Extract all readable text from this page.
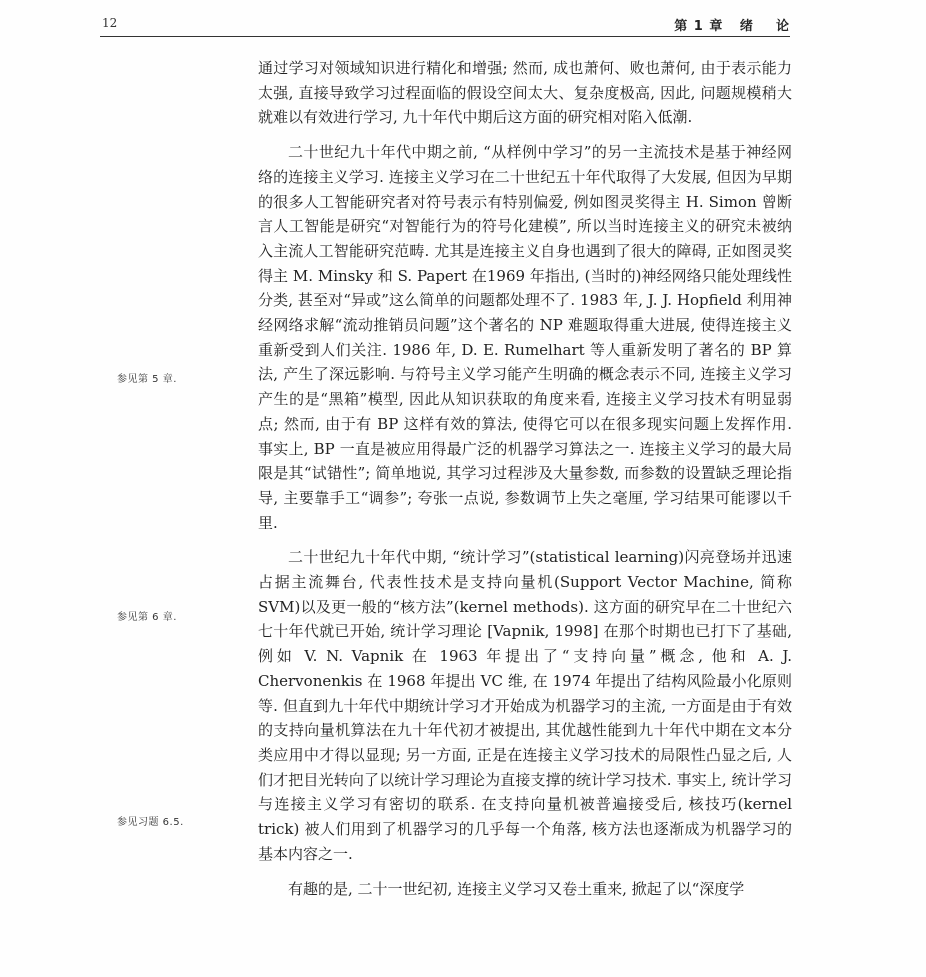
12	第 1 章   绪    论

通过学习对领域知识进行精化和增强; 然而, 成也萧何、败也萧何, 由于表示能力太强, 直接导致学习过程面临的假设空间太大、复杂度极高, 因此, 问题规模稍大就难以有效进行学习, 九十年代中期后这方面的研究相对陷入低潮.

二十世纪九十年代中期之前, “从样例中学习”的另一主流技术是基于神经网络的连接主义学习. 连接主义学习在二十世纪五十年代取得了大发展, 但因为早期的很多人工智能研究者对符号表示有特别偏爱, 例如图灵奖得主 H. Simon 曾断言人工智能是研究“对智能行为的符号化建模”, 所以当时连接主义的研究未被纳入主流人工智能研究范畴. 尤其是连接主义自身也遇到了很大的障碍, 正如图灵奖得主 M. Minsky 和 S. Papert 在1969 年指出, (当时的)神经网络只能处理线性分类, 甚至对“异或”这么简单的问题都处理不了. 1983 年, J. J. Hopfield 利用神经网络求解“流动推销员问题”这个著名的 NP 难题取得重大进展, 使得连接主义重新受到人们关注. 1986 年, D. E. Rumelhart 等人重新发明了著名的 BP 算法, 产生了深远影响. 与符号主义学习能产生明确的概念表示不同, 连接主义学习产生的是“黑箱”模型, 因此从知识获取的角度来看, 连接主义学习技术有明显弱点; 然而, 由于有 BP 这样有效的算法, 使得它可以在很多现实问题上发挥作用. 事实上, BP 一直是被应用得最广泛的机器学习算法之一. 连接主义学习的最大局限是其“试错性”; 简单地说, 其学习过程涉及大量参数, 而参数的设置缺乏理论指导, 主要靠手工“调参”; 夸张一点说, 参数调节上失之毫厘, 学习结果可能谬以千里.

二十世纪九十年代中期, “统计学习”(statistical learning)闪亮登场并迅速占据主流舞台, 代表性技术是支持向量机(Support Vector Machine, 简称 SVM)以及更一般的“核方法”(kernel methods). 这方面的研究早在二十世纪六七十年代就已开始, 统计学习理论 [Vapnik, 1998] 在那个时期也已打下了基础, 例如 V. N. Vapnik 在 1963 年提出了“支持向量”概念, 他和 A. J. Chervonenkis 在 1968 年提出 VC 维, 在 1974 年提出了结构风险最小化原则等. 但直到九十年代中期统计学习才开始成为机器学习的主流, 一方面是由于有效的支持向量机算法在九十年代初才被提出, 其优越性能到九十年代中期在文本分类应用中才得以显现; 另一方面, 正是在连接主义学习技术的局限性凸显之后, 人们才把目光转向了以统计学习理论为直接支撑的统计学习技术. 事实上, 统计学习与连接主义学习有密切的联系. 在支持向量机被普遍接受后, 核技巧(kernel trick) 被人们用到了机器学习的几乎每一个角落, 核方法也逐渐成为机器学习的基本内容之一.

有趣的是, 二十一世纪初, 连接主义学习又卷土重来, 掀起了以“深度学

参见第 5 章.
参见第 6 章.
参见习题 6.5.
